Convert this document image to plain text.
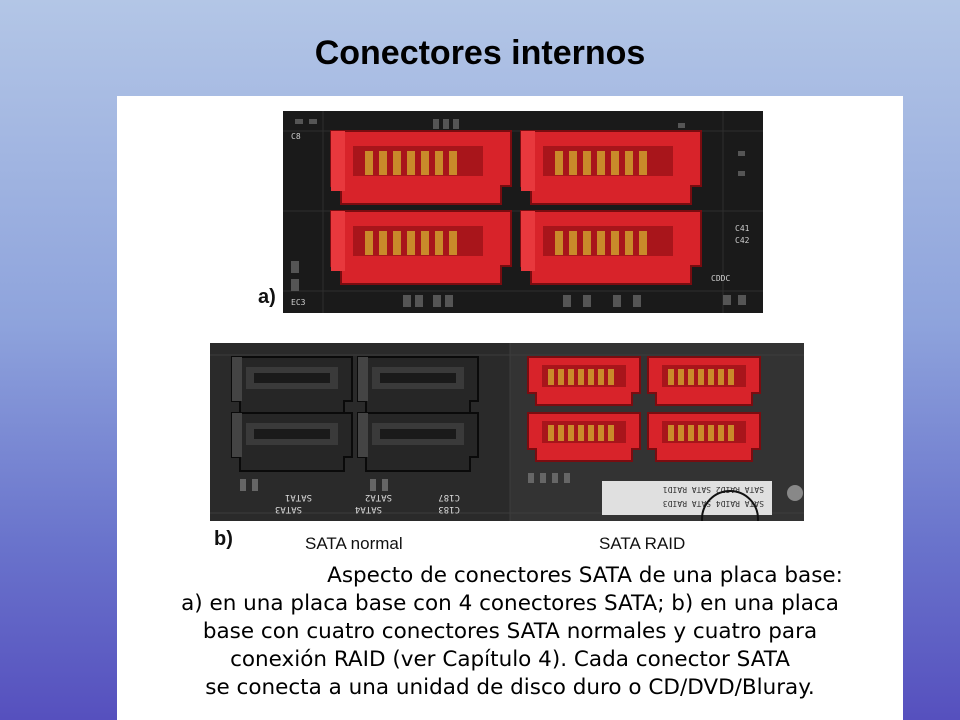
Conectores internos
C8
C41
C42
EC3
CDDC
a)
SATA1	SATA2
SATA3	SATA4
C187
C183
SATA RAID2 SATA RAID1
SATA RAID4 SATA RAID3
b)	SATA normal	SATA RAID
Aspecto de conectores SATA de una placa base:
a) en una placa base con 4 conectores SATA; b) en una placa
base con cuatro conectores SATA normales y cuatro para
conexión RAID (ver Capítulo 4). Cada conector SATA
se conecta a una unidad de disco duro o CD/DVD/Bluray.
